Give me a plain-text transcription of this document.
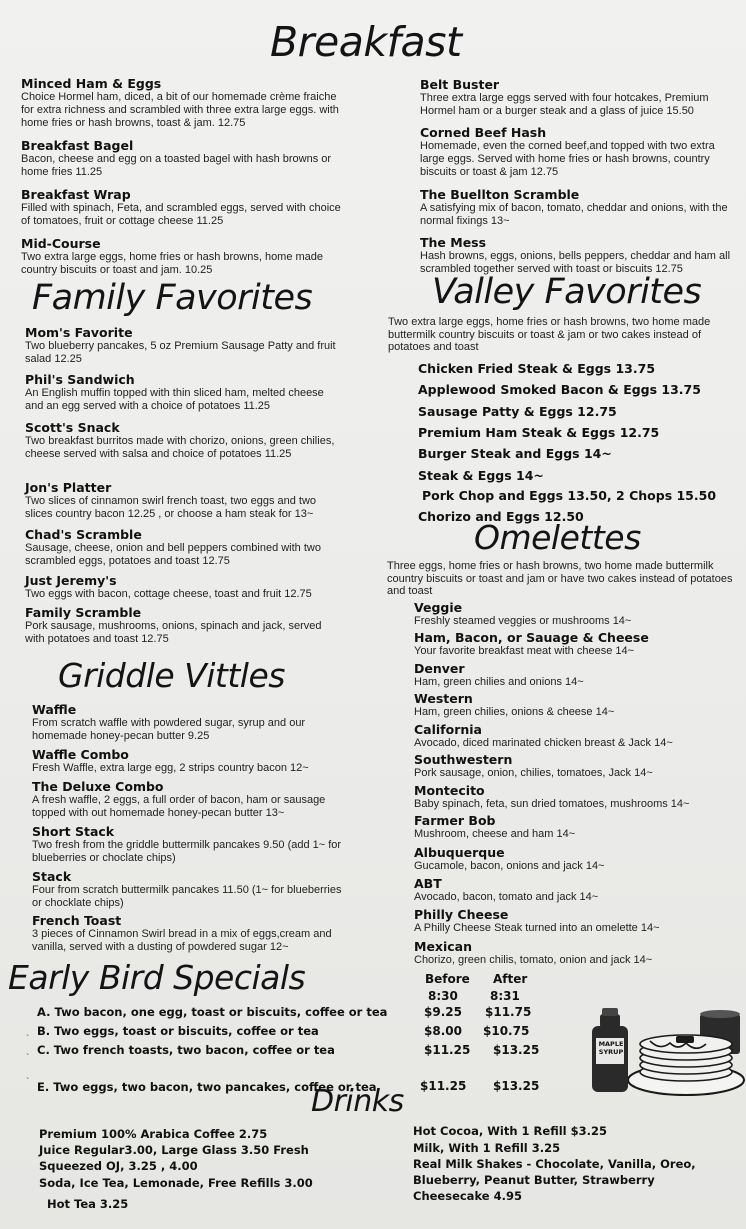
Breakfast
Minced Ham & Eggs
Choice Hormel ham, diced, a bit of our homemade crème fraiche for extra richness and scrambled with three extra large eggs. with home fries or hash browns, toast & jam. 12.75
Breakfast Bagel
Bacon, cheese and egg on a toasted bagel with hash browns or home fries 11.25
Breakfast Wrap
Filled with spinach, Feta, and scrambled eggs, served with choice of tomatoes, fruit or cottage cheese 11.25
Mid-Course
Two extra large eggs, home fries or hash browns, home made country biscuits or toast and jam. 10.25
Belt Buster
Three extra large eggs served with four hotcakes, Premium Hormel ham or a burger steak and a glass of juice 15.50
Corned Beef Hash
Homemade, even the corned beef,and topped with two extra large eggs. Served with home fries or hash browns, country biscuits or toast & jam 12.75
The Buellton Scramble
A satisfying mix of bacon, tomato, cheddar and onions, with the normal fixings 13~
The Mess
Hash browns, eggs, onions, bells peppers, cheddar and ham all scrambled together served with toast or biscuits 12.75
Family Favorites
Mom's Favorite
Two blueberry pancakes, 5 oz Premium Sausage Patty and fruit salad 12.25
Phil's Sandwich
An English muffin topped with thin sliced ham, melted cheese and an egg served with a choice of potatoes 11.25
Scott's Snack
Two breakfast burritos made with chorizo, onions, green chilies, cheese served with salsa and choice of potatoes 11.25
Jon's Platter
Two slices of cinnamon swirl french toast, two eggs and two slices country bacon 12.25 , or choose a ham steak for 13~
Chad's Scramble
Sausage, cheese, onion and bell peppers combined with two scrambled eggs, potatoes and toast 12.75
Just Jeremy's
Two eggs with bacon, cottage cheese, toast and fruit 12.75
Family Scramble
Pork sausage, mushrooms, onions, spinach and jack, served with potatoes and toast 12.75
Valley Favorites
Two extra large eggs, home fries or hash browns, two home made buttermilk country biscuits or toast & jam or two cakes instead of potatoes and toast
Chicken Fried Steak & Eggs 13.75
Applewood Smoked Bacon & Eggs 13.75
Sausage Patty & Eggs 12.75
Premium Ham Steak & Eggs 12.75
Burger Steak and Eggs 14~
Steak & Eggs 14~
Pork Chop and Eggs 13.50, 2 Chops 15.50
Chorizo and Eggs 12.50
Omelettes
Three eggs, home fries or hash browns, two home made buttermilk country biscuits or toast and jam or have two cakes instead of potatoes and toast
Veggie
Freshly steamed veggies or mushrooms 14~
Ham, Bacon, or Sauage & Cheese
Your favorite breakfast meat with cheese 14~
Denver
Ham, green chilies and onions 14~
Western
Ham, green chilies, onions & cheese 14~
California
Avocado, diced marinated chicken breast & Jack 14~
Southwestern
Pork sausage, onion, chilies, tomatoes, Jack 14~
Montecito
Baby spinach, feta, sun dried tomatoes, mushrooms 14~
Farmer Bob
Mushroom, cheese and ham 14~
Albuquerque
Gucamole, bacon, onions and jack 14~
ABT
Avocado, bacon, tomato and jack 14~
Philly Cheese
A Philly Cheese Steak turned into an omelette 14~
Mexican
Chorizo, green chilis, tomato, onion and jack 14~
Griddle Vittles
Waffle
From scratch waffle with powdered sugar, syrup and our homemade honey-pecan butter 9.25
Waffle Combo
Fresh Waffle, extra large egg, 2 strips country bacon 12~
The Deluxe Combo
A fresh waffle, 2 eggs, a full order of bacon, ham or sausage topped with out homemade honey-pecan butter 13~
Short Stack
Two fresh from the griddle buttermilk pancakes 9.50 (add 1~ for blueberries or choclate chips)
Stack
Four from scratch buttermilk pancakes 11.50 (1~ for blueberries or chocklate chips)
French Toast
3 pieces of Cinnamon Swirl bread in a mix of eggs,cream and vanilla, served with a dusting of powdered sugar 12~
Early Bird Specials	Before After
8:30	8:31
A. Two bacon, one egg, toast or biscuits, coffee or tea	$9.25 $11.75
B. Two eggs, toast or biscuits, coffee or tea	$8.00 $10.75
C. Two french toasts, two bacon, coffee or tea	$11.25 $13.25
E. Two eggs, two bacon, two pancakes, coffee or tea	$11.25 $13.25
`
`
`
MAPLE SYRUP
Drinks
Premium 100% Arabica Coffee 2.75
Juice Regular3.00, Large Glass 3.50 Fresh
Squeezed OJ, 3.25 , 4.00
Soda, Ice Tea, Lemonade, Free Refills 3.00
Hot Tea 3.25
Hot Cocoa, With 1 Refill $3.25
Milk, With 1 Refill 3.25
Real Milk Shakes - Chocolate, Vanilla, Oreo,
Blueberry, Peanut Butter, Strawberry
Cheesecake 4.95
